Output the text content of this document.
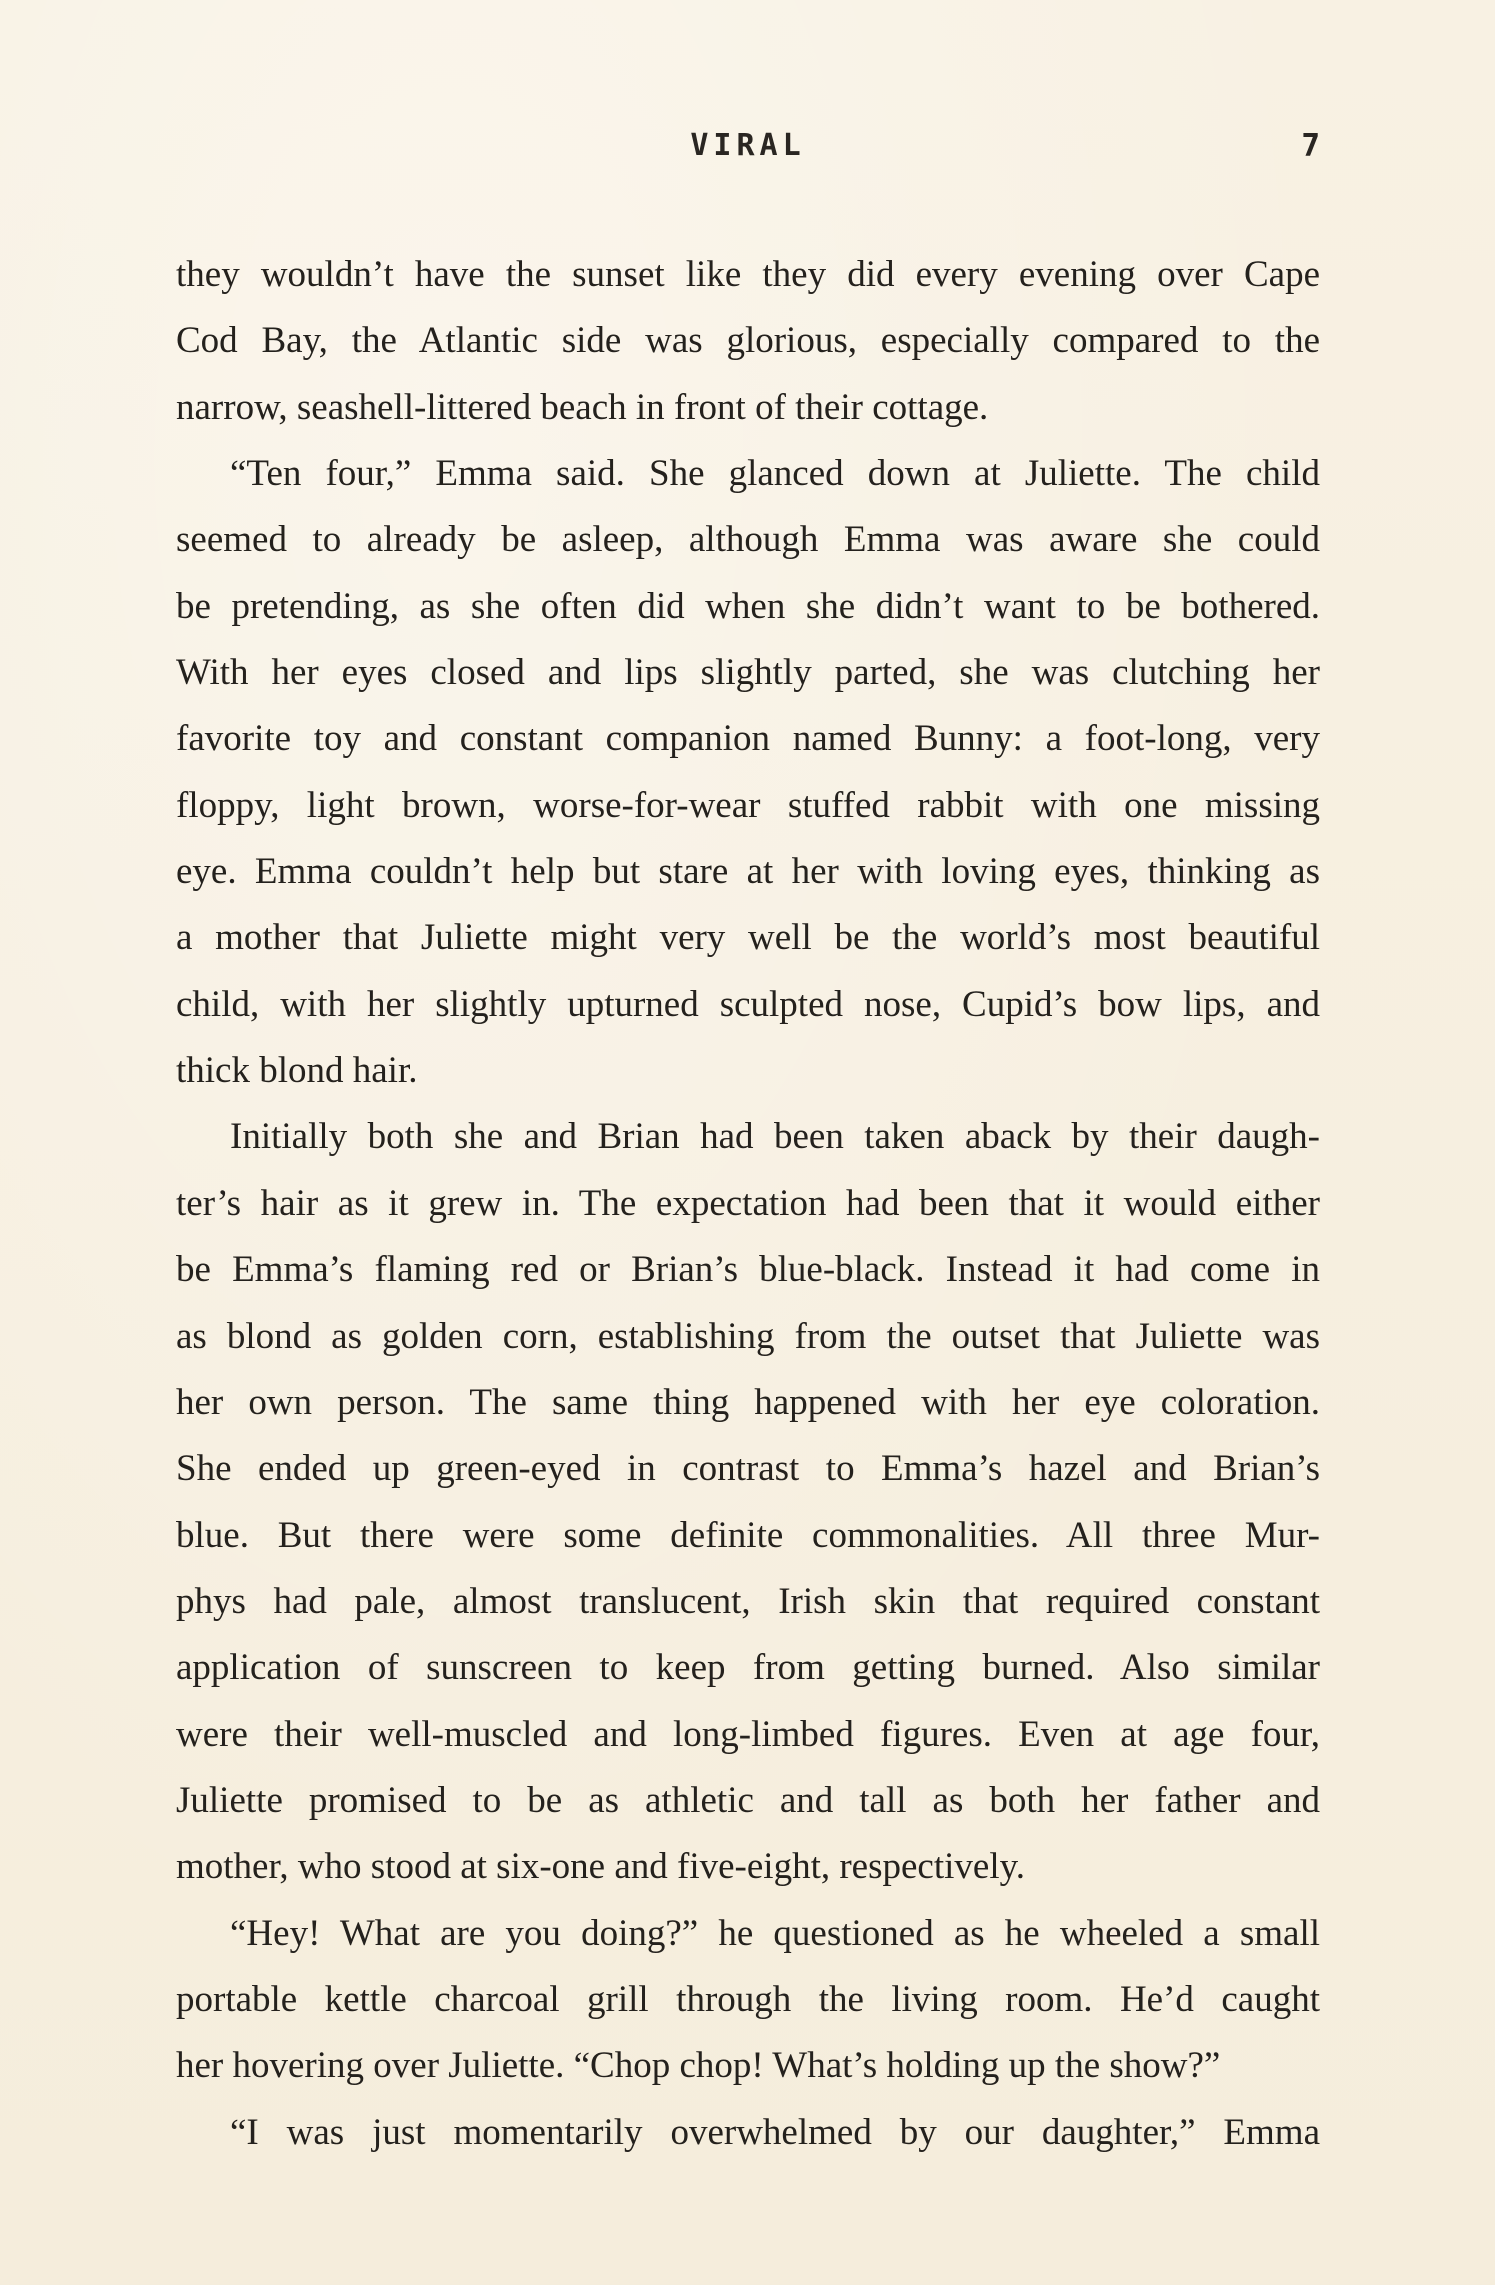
VIRAL	7
they wouldn’t have the sunset like they did every evening over Cape
Cod Bay, the Atlantic side was glorious, especially compared to the
narrow, seashell-littered beach in front of their cottage.
“Ten four,” Emma said. She glanced down at Juliette. The child
seemed to already be asleep, although Emma was aware she could
be pretending, as she often did when she didn’t want to be bothered.
With her eyes closed and lips slightly parted, she was clutching her
favorite toy and constant companion named Bunny: a foot-long, very
floppy, light brown, worse-for-wear stuffed rabbit with one missing
eye. Emma couldn’t help but stare at her with loving eyes, thinking as
a mother that Juliette might very well be the world’s most beautiful
child, with her slightly upturned sculpted nose, Cupid’s bow lips, and
thick blond hair.
Initially both she and Brian had been taken aback by their daugh-
ter’s hair as it grew in. The expectation had been that it would either
be Emma’s flaming red or Brian’s blue-black. Instead it had come in
as blond as golden corn, establishing from the outset that Juliette was
her own person. The same thing happened with her eye coloration.
She ended up green-eyed in contrast to Emma’s hazel and Brian’s
blue. But there were some definite commonalities. All three Mur-
phys had pale, almost translucent, Irish skin that required constant
application of sunscreen to keep from getting burned. Also similar
were their well-muscled and long-limbed figures. Even at age four,
Juliette promised to be as athletic and tall as both her father and
mother, who stood at six-one and five-eight, respectively.
“Hey! What are you doing?” he questioned as he wheeled a small
portable kettle charcoal grill through the living room. He’d caught
her hovering over Juliette. “Chop chop! What’s holding up the show?”
“I was just momentarily overwhelmed by our daughter,” Emma
